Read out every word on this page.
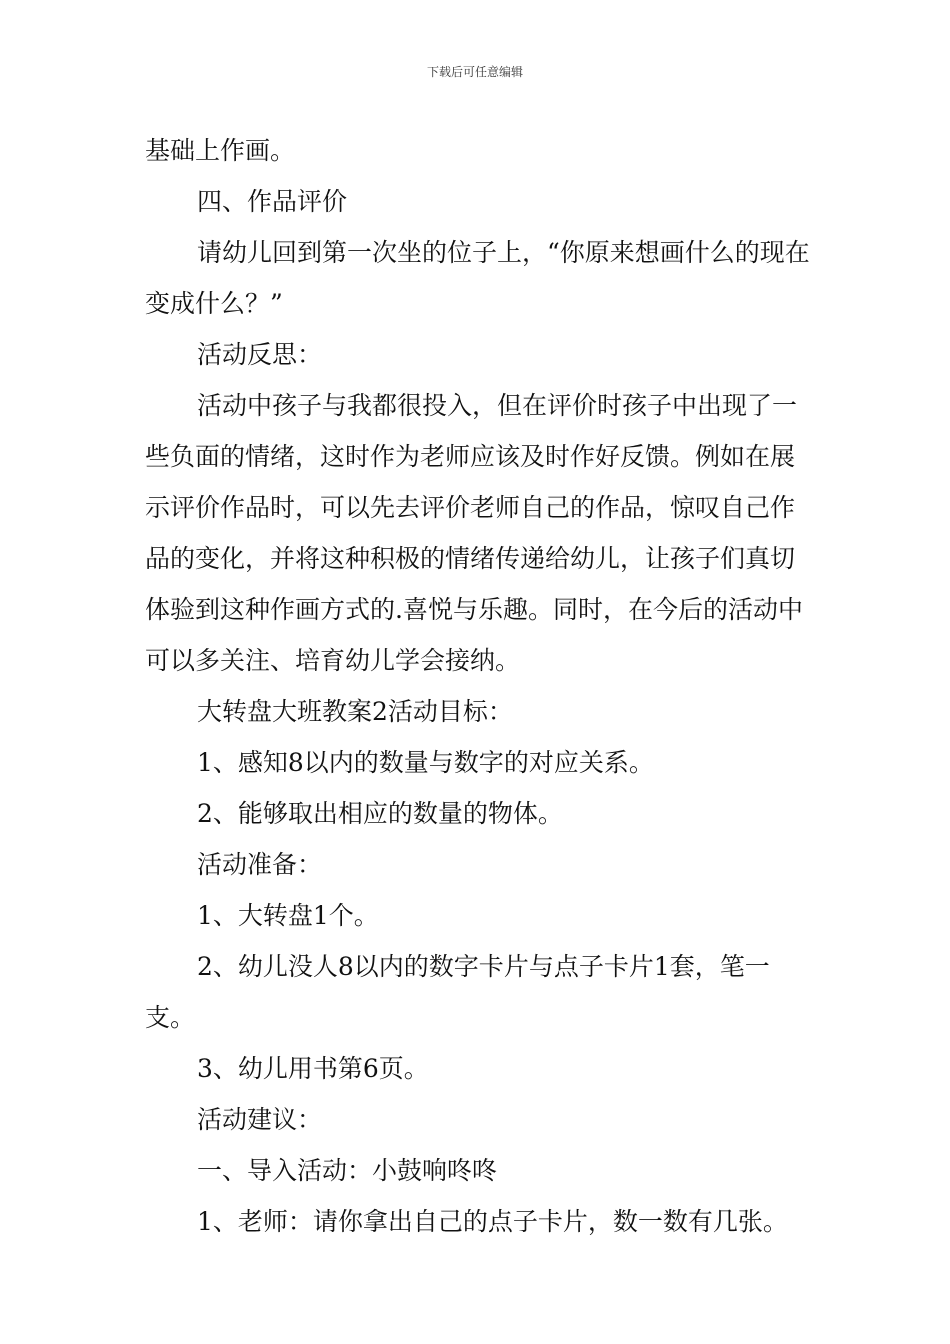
下载后可任意编辑

基础上作画。

四、作品评价

请幼儿回到第一次坐的位子上，“你原来想画什么的现在变成什么？”

活动反思：

活动中孩子与我都很投入，但在评价时孩子中出现了一些负面的情绪，这时作为老师应该及时作好反馈。例如在展示评价作品时，可以先去评价老师自己的作品，惊叹自己作品的变化，并将这种积极的情绪传递给幼儿，让孩子们真切体验到这种作画方式的.喜悦与乐趣。同时，在今后的活动中可以多关注、培育幼儿学会接纳。

大转盘大班教案2活动目标：

1、感知8以内的数量与数字的对应关系。

2、能够取出相应的数量的物体。

活动准备：

1、大转盘1个。

2、幼儿没人8以内的数字卡片与点子卡片1套，笔一支。

3、幼儿用书第6页。

活动建议：

一、导入活动：小鼓响咚咚

1、老师：请你拿出自己的点子卡片，数一数有几张。
